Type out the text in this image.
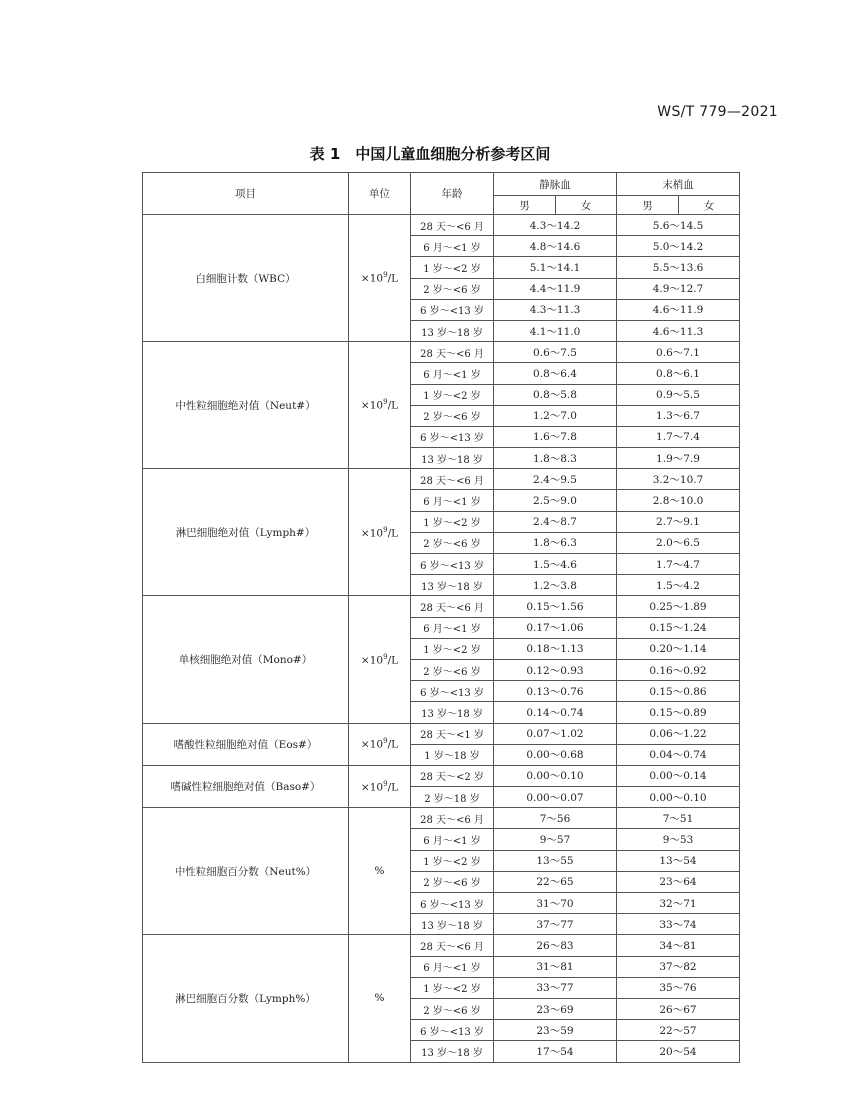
WS/T 779—2021
表 1　中国儿童血细胞分析参考区间
项目	单位	年龄	静脉血		末梢血	
			男	女	男	女
白细胞计数（WBC）	$\times 10^9/L$	28 天～<6 月	4.3～14.2		5.6～14.5	
		6 月～<1 岁	4.8～14.6		5.0～14.2	
		1 岁～<2 岁	5.1～14.1		5.5～13.6	
		2 岁～<6 岁	4.4～11.9		4.9～12.7	
		6 岁～<13 岁	4.3～11.3		4.6～11.9	
		13 岁～18 岁	4.1～11.0		4.6～11.3	
中性粒细胞绝对值（Neut#）	$\times 10^9/L$	28 天～<6 月	0.6～7.5		0.6～7.1	
		6 月～<1 岁	0.8～6.4		0.8～6.1	
		1 岁～<2 岁	0.8～5.8		0.9～5.5	
		2 岁～<6 岁	1.2～7.0		1.3～6.7	
		6 岁～<13 岁	1.6～7.8		1.7～7.4	
		13 岁～18 岁	1.8～8.3		1.9～7.9	
淋巴细胞绝对值（Lymph#）	$\times 10^9/L$	28 天～<6 月	2.4～9.5		3.2～10.7	
		6 月～<1 岁	2.5～9.0		2.8～10.0	
		1 岁～<2 岁	2.4～8.7		2.7～9.1	
		2 岁～<6 岁	1.8～6.3		2.0～6.5	
		6 岁～<13 岁	1.5～4.6		1.7～4.7	
		13 岁～18 岁	1.2～3.8		1.5～4.2	
单核细胞绝对值（Mono#）	$\times 10^9/L$	28 天～<6 月	0.15～1.56		0.25～1.89	
		6 月～<1 岁	0.17～1.06		0.15～1.24	
		1 岁～<2 岁	0.18～1.13		0.20～1.14	
		2 岁～<6 岁	0.12～0.93		0.16～0.92	
		6 岁～<13 岁	0.13～0.76		0.15～0.86	
		13 岁～18 岁	0.14～0.74		0.15～0.89	
嗜酸性粒细胞绝对值（Eos#）	$\times 10^9/L$	28 天～<1 岁	0.07～1.02		0.06～1.22	
		1 岁～18 岁	0.00～0.68		0.04～0.74	
嗜碱性粒细胞绝对值（Baso#）	$\times 10^9/L$	28 天～<2 岁	0.00～0.10		0.00～0.14	
		2 岁～18 岁	0.00～0.07		0.00～0.10	
中性粒细胞百分数（Neut%）	%	28 天～<6 月	7～56		7～51	
		6 月～<1 岁	9～57		9～53	
		1 岁～<2 岁	13～55		13～54	
		2 岁～<6 岁	22～65		23～64	
		6 岁～<13 岁	31～70		32～71	
		13 岁～18 岁	37～77		33～74	
淋巴细胞百分数（Lymph%）	%	28 天～<6 月	26～83		34～81	
		6 月～<1 岁	31～81		37～82	
		1 岁～<2 岁	33～77		35～76	
		2 岁～<6 岁	23～69		26～67	
		6 岁～<13 岁	23～59		22～57	
		13 岁～18 岁	17～54		20～54	
